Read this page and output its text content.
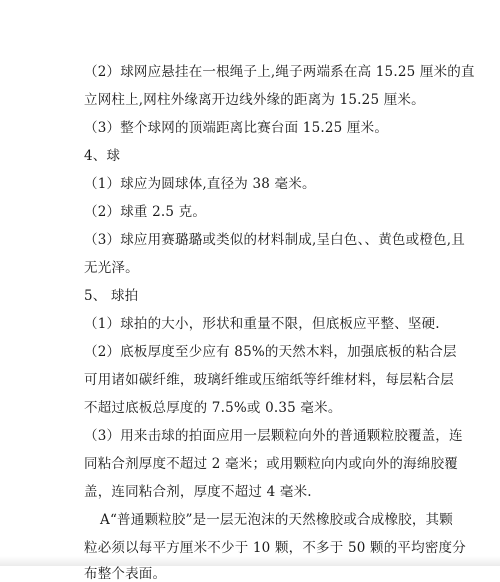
（2）球网应悬挂在一根绳子上,绳子两端系在高 15.25 厘米的直
立网柱上,网柱外缘离开边线外缘的距离为 15.25 厘米。
（3）整个球网的顶端距离比赛台面 15.25 厘米。
4、球
（1）球应为圆球体,直径为 38 毫米。
（2）球重 2.5 克。
（3）球应用赛璐璐或类似的材料制成,呈白色、、黄色或橙色,且
无光泽。
5、 球拍
（1）球拍的大小，形状和重量不限，但底板应平整、坚硬.
（2）底板厚度至少应有 85%的天然木料，加强底板的粘合层
可用诸如碳纤维，玻璃纤维或压缩纸等纤维材料，每层粘合层
不超过底板总厚度的 7.5%或 0.35 毫米。
（3）用来击球的拍面应用一层颗粒向外的普通颗粒胶覆盖，连
同粘合剂厚度不超过 2 毫米；或用颗粒向内或向外的海绵胶覆
盖，连同粘合剂，厚度不超过 4 毫米.
A“普通颗粒胶”是一层无泡沫的天然橡胶或合成橡胶，其颗
粒必须以每平方厘米不少于 10 颗，不多于 50 颗的平均密度分
布整个表面。
